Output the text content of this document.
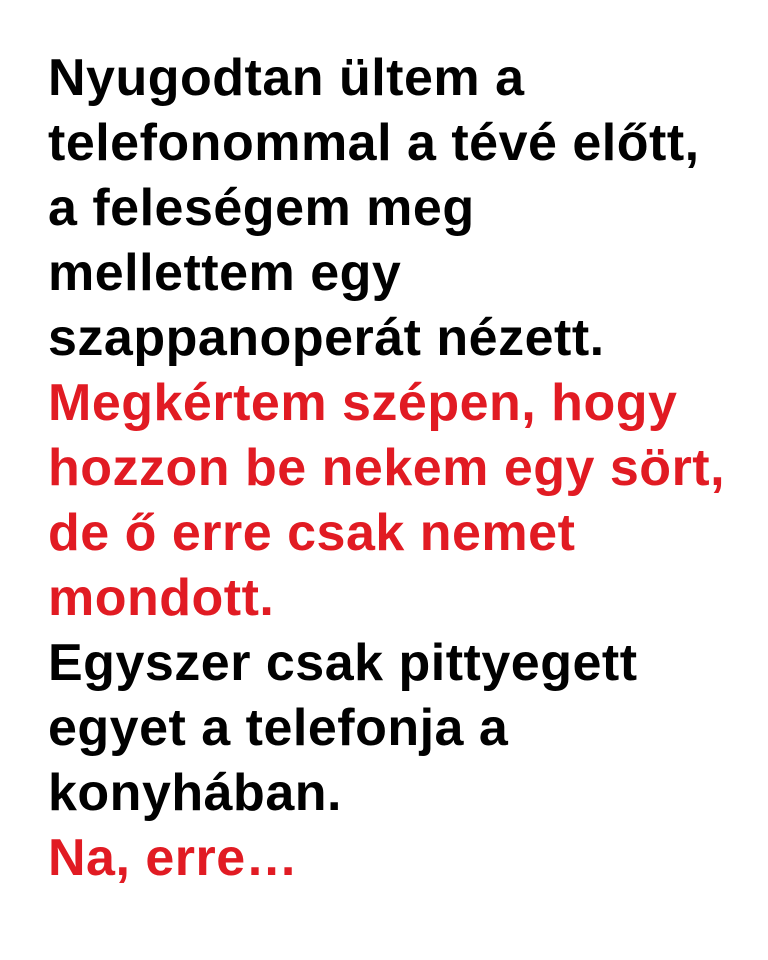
Nyugodtan ültem a
telefonommal a tévé előtt,
a feleségem meg
mellettem egy
szappanoperát nézett.
Megkértem szépen, hogy
hozzon be nekem egy sört,
de ő erre csak nemet
mondott.
Egyszer csak pittyegett
egyet a telefonja a
konyhában.
Na, erre…
